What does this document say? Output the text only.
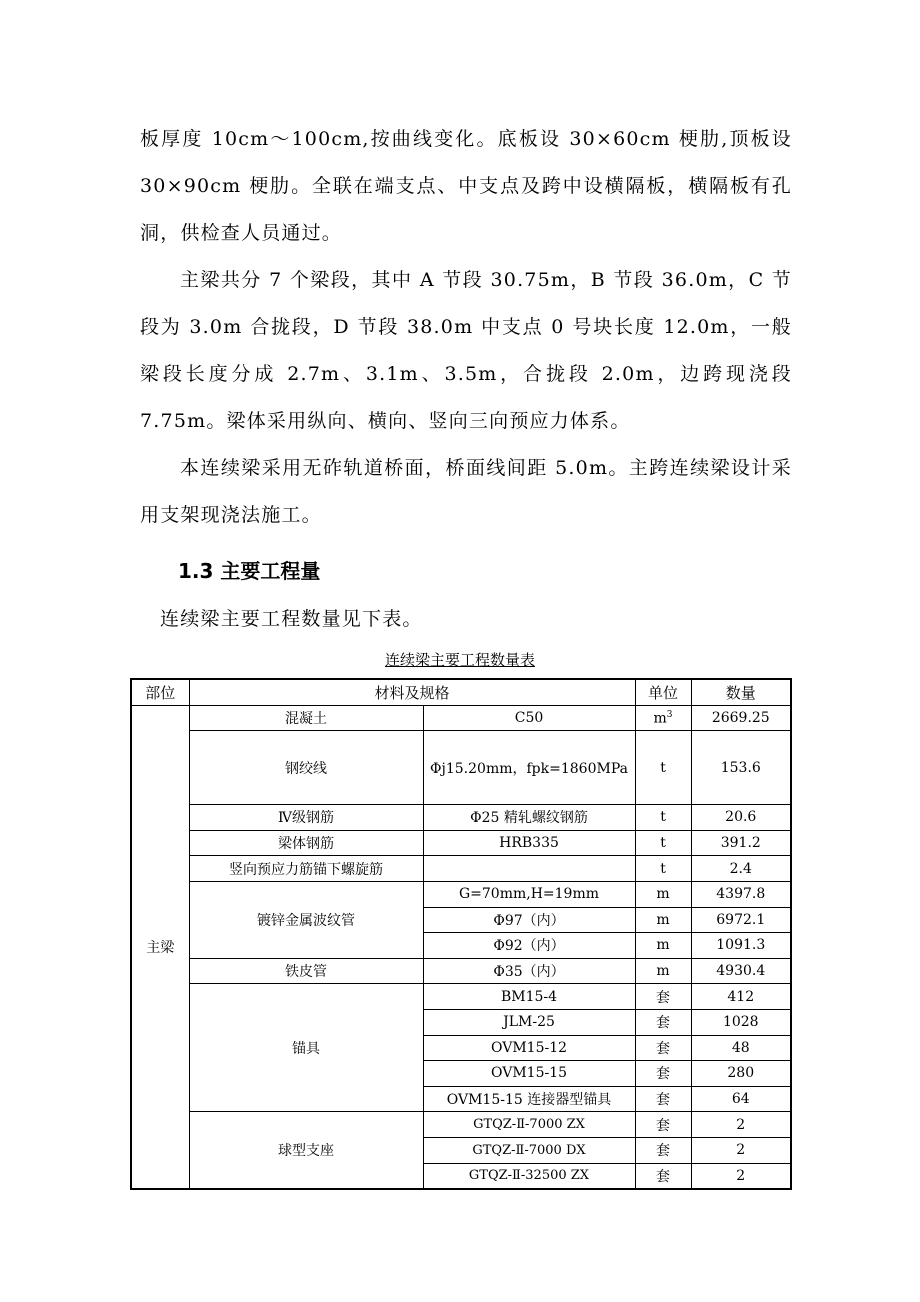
板厚度 10cm～100cm,按曲线变化。底板设 30×60cm 梗肋,顶板设 30×90cm 梗肋。全联在端支点、中支点及跨中设横隔板，横隔板有孔洞，供检查人员通过。

主梁共分 7 个梁段，其中 A 节段 30.75m，B 节段 36.0m，C 节段为 3.0m 合拢段，D 节段 38.0m 中支点 0 号块长度 12.0m，一般梁段长度分成 2.7m、3.1m、3.5m，合拢段 2.0m，边跨现浇段 7.75m。梁体采用纵向、横向、竖向三向预应力体系。

本连续梁采用无砟轨道桥面，桥面线间距 5.0m。主跨连续梁设计采用支架现浇法施工。

1.3 主要工程量

连续梁主要工程数量见下表。

连续梁主要工程数量表

部位	材料及规格		单位	数量
主梁	混凝土	C50	$m^3$	2669.25
	钢绞线	Φj15.20mm，fpk=1860MPa	t	153.6
	Ⅳ级钢筋	Φ25 精轧螺纹钢筋	t	20.6
	梁体钢筋	HRB335	t	391.2
	竖向预应力筋锚下螺旋筋		t	2.4
	镀锌金属波纹管	G=70mm,H=19mm	m	4397.8
		Φ97（内）	m	6972.1
		Φ92（内）	m	1091.3
	铁皮管	Φ35（内）	m	4930.4
	锚具	BM15-4	套	412
		JLM-25	套	1028
		OVM15-12	套	48
		OVM15-15	套	280
		OVM15-15 连接器型锚具	套	64
	球型支座	GTQZ-Ⅱ-7000 ZX	套	2
		GTQZ-Ⅱ-7000 DX	套	2
		GTQZ-Ⅱ-32500 ZX	套	2
